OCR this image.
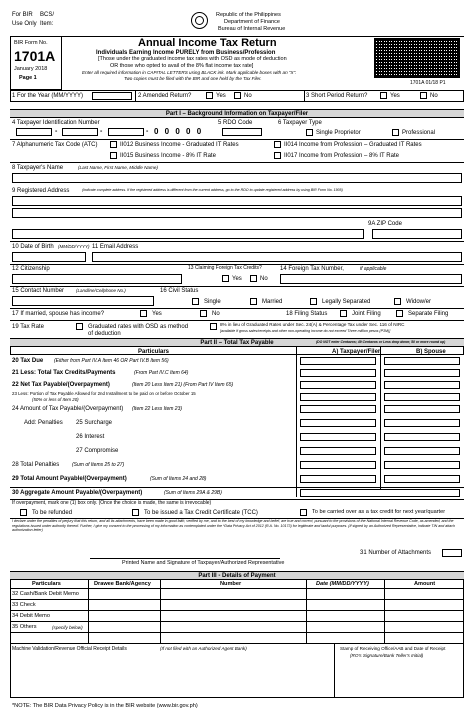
For BIR BCS/
Use Only Item:
BIR Form No.
1701A
January 2018
Page 1
Republic of the Philippines
Department of Finance
Bureau of Internal Revenue
Annual Income Tax Return
Individuals Earning Income PURELY from Business/Profession
[Those under the graduated income tax rates with OSD as mode of deduction
OR those who opted to avail of the 8% flat income tax rate]
Enter all required information in CAPITAL LETTERS using BLACK ink. Mark applicable boxes with an "X".
Two copies must be filed with the BIR and one held by the Tax Filer.
1701A 01/18 P1
1 For the Year (MM/YYYY)	2 Amended Return?	Yes	No	3 Short Period Return?	Yes	No
Part I – Background Information on Taxpayer/Filer
4 Taxpayer Identification Number
-	-	- 0 0 0 0 0
5 RDO Code	6 Taxpayer Type
Single Proprietor	Professional
7 Alphanumeric Tax Code (ATC)	II012 Business Income - Graduated IT Rates	II014 Income from Profession – Graduated IT Rates
II015 Business Income - 8% IT Rate	II017 Income from Profession – 8% IT Rate
8 Taxpayer's Name	(Last Name, First Name, Middle Name)
9 Registered Address	(Indicate complete address. If the registered address is different from the current address, go to the RDO to update registered address by using BIR Form No. 1905)
9A ZIP Code
10 Date of Birth (MM/DD/YYYY) 11 Email Address
12 Citizenship	13 Claiming Foreign Tax Credits?
Yes	No
14 Foreign Tax Number,	if applicable
15 Contact Number	(Landline/Cellphone No.)	16 Civil Status
Single	Married	Legally Separated	Widow/er
17 If married, spouse has income?	Yes	No	18 Filing Status	Joint Filing	Separate Filing
19 Tax Rate	Graduated rates with OSD as method
of deduction
8% in lieu of Graduated Rates under Sec. 24(A) & Percentage Tax under Sec. 116 of NIRC
[available if gross sales/receipts and other non-operating income do not exceed Three million pesos (P3M)]
Part II – Total Tax Payable	(DO NOT enter Centavos; 49 Centavos or Less drop down; 50 or more round up)
Particulars	A) Taxpayer/Filer	B) Spouse
20 Tax Due (Either from Part IV.A Item 46 OR Part IV.B Item 56)
21 Less: Total Tax Credits/Payments	(From Part IV.C Item 64)
22 Net Tax Payable/(Overpayment)	(Item 20 Less Item 21) (From Part IV Item 65)
23 Less: Portion of Tax Payable Allowed for 2nd Installment to be paid on or before October 15
(50% or less of Item 20)
24 Amount of Tax Payable/(Overpayment) (Item 22 Less Item 23)
Add: Penalties 25 Surcharge
26 Interest
27 Compromise
28 Total Penalties	(Sum of Items 25 to 27)
29 Total Amount Payable/(Overpayment)	(Sum of Items 24 and 28)
30 Aggregate Amount Payable/(Overpayment)	(Sum of Items 29A & 29B)
If overpayment, mark one (1) box only. (Once the choice is made, the same is irrevocable)
To be refunded	To be issued a Tax Credit Certificate (TCC)	To be carried over as a tax credit for next year/quarter
I declare under the penalties of perjury that this return, and all its attachments, have been made in good faith, verified by me, and to the best of my knowledge and belief, are true and correct, pursuant to the provisions of the National Internal Revenue Code, as amended, and the regulations issued under authority thereof. Further, I give my consent to the processing of my information as contemplated under the *Data Privacy Act of 2012 (R.A. No. 10173) for legitimate and lawful purposes. (If signed by an Authorized Representative, indicate TIN and attach authorization letter)
31 Number of Attachments
Printed Name and Signature of Taxpayer/Authorized Representative
Part III - Details of Payment
Particulars	Drawee Bank/Agency	Number	Date (MM/DD/YYYY)	Amount
32 Cash/Bank Debit Memo
33 Check
34 Debit Memo
35 Others	(specify below)
Machine Validation/Revenue Official Receipt Details	(If not filed with an Authorized Agent Bank)	Stamp of Receiving Office/AAB and Date of Receipt
(RO's Signature/Bank Teller's Initial)
*NOTE: The BIR Data Privacy Policy is in the BIR website (www.bir.gov.ph)
